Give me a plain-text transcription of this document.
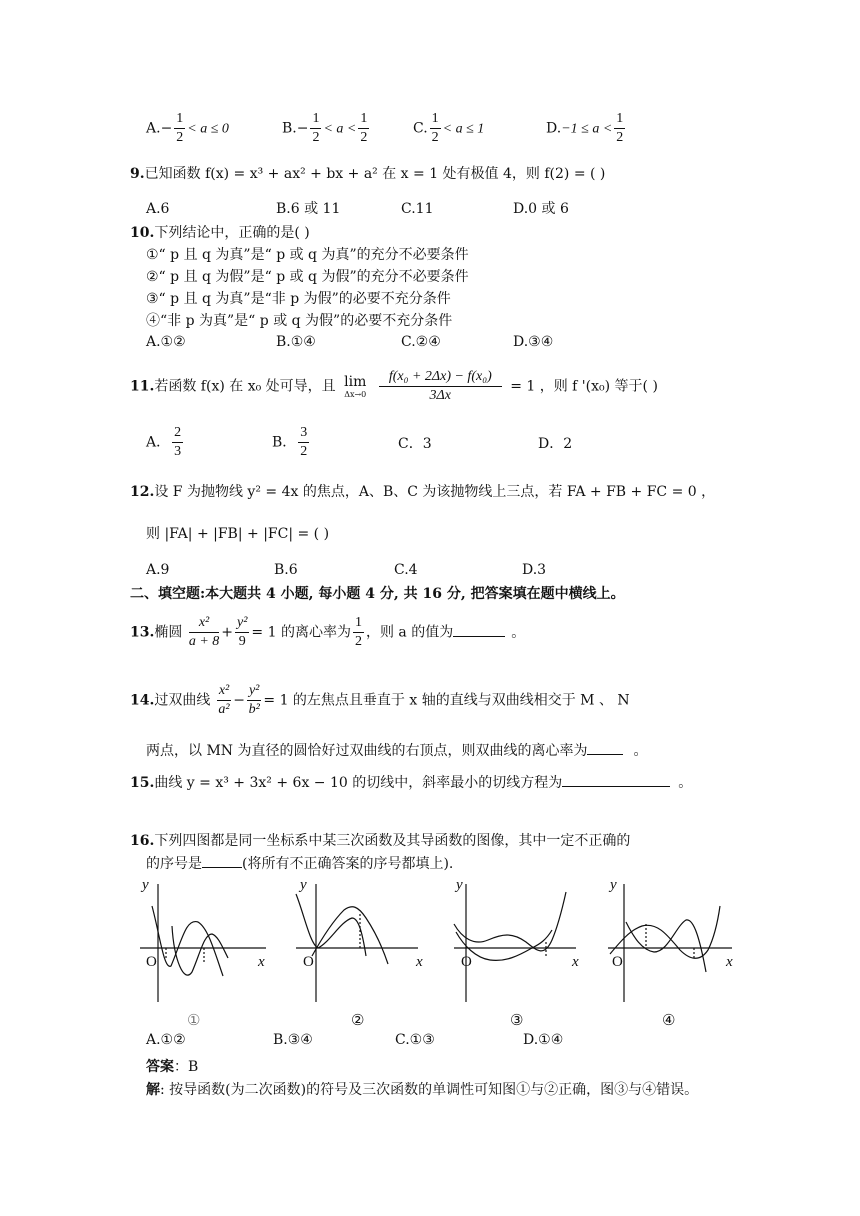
$A.- \frac{1}{2} < a \le 0$	$B.- \frac{1}{2} < a < \frac{1}{2}$	C. $\frac{1}{2} < a \le 1$	$D.-1 \le a < \frac{1}{2}$
9.已知函数 f(x) = x³ + ax² + bx + a² 在 x = 1 处有极值 4，则 f(2) = ( )
A.6	B.6 或 11	C.11	D.0 或 6
10.下列结论中，正确的是( )
①“ p 且 q 为真”是“ p 或 q 为真”的充分不必要条件
②“ p 且 q 为假”是“ p 或 q 为假”的充分不必要条件
③“ p 且 q 为真”是“非 p 为假”的必要不充分条件
④“非 p 为真”是“ p 或 q 为假”的必要不充分条件
A.①②	B.①④	C.②④	D.③④
11.若函数 f(x) 在 x₀ 处可导，且 lim
Δx→0
$\frac{\text{f(x₀ + 2Δx) − f(x₀)}}{3\Delta x} = 1$ ，则 f '(x₀) 等于( )
A． $\frac{2}{3}$	B． $\frac{3}{2}$	C．3	D．2
12.设 F 为抛物线 y² = 4x 的焦点，A、B、C 为该抛物线上三点，若 FA + FB + FC = 0 ，
则 |FA| + |FB| + |FC| = ( )
A.9	B.6	C.4	D.3
二、填空题:本大题共 4 小题, 每小题 4 分, 共 16 分, 把答案填在题中横线上。
13.椭圆 $\frac{\text{x²}}{a + 8} + \frac{\text{y²}}{9} = 1$ 的离心率为 $\frac{1}{2}$ ，则 a 的值为	。
14.过双曲线 $\frac{\text{x²}}{\text{a²}} - \frac{\text{y²}}{\text{b²}} = 1$ 的左焦点且垂直于 x 轴的直线与双曲线相交于 M 、 N
两点，以 MN 为直径的圆恰好过双曲线的右顶点，则双曲线的离心率为	。
15.曲线 y = x³ + 3x² + 6x − 10 的切线中，斜率最小的切线方程为	。
16.下列四图都是同一坐标系中某三次函数及其导函数的图像，其中一定不正确的
的序号是	(将所有不正确答案的序号都填上).
y
O	x
①
y
O	x
②
y
O	x
③
y
O	x
④
A.①②	B.③④	C.①③	D.①④
答案：B
解: 按导函数(为二次函数)的符号及三次函数的单调性可知图①与②正确，图③与④错误。
